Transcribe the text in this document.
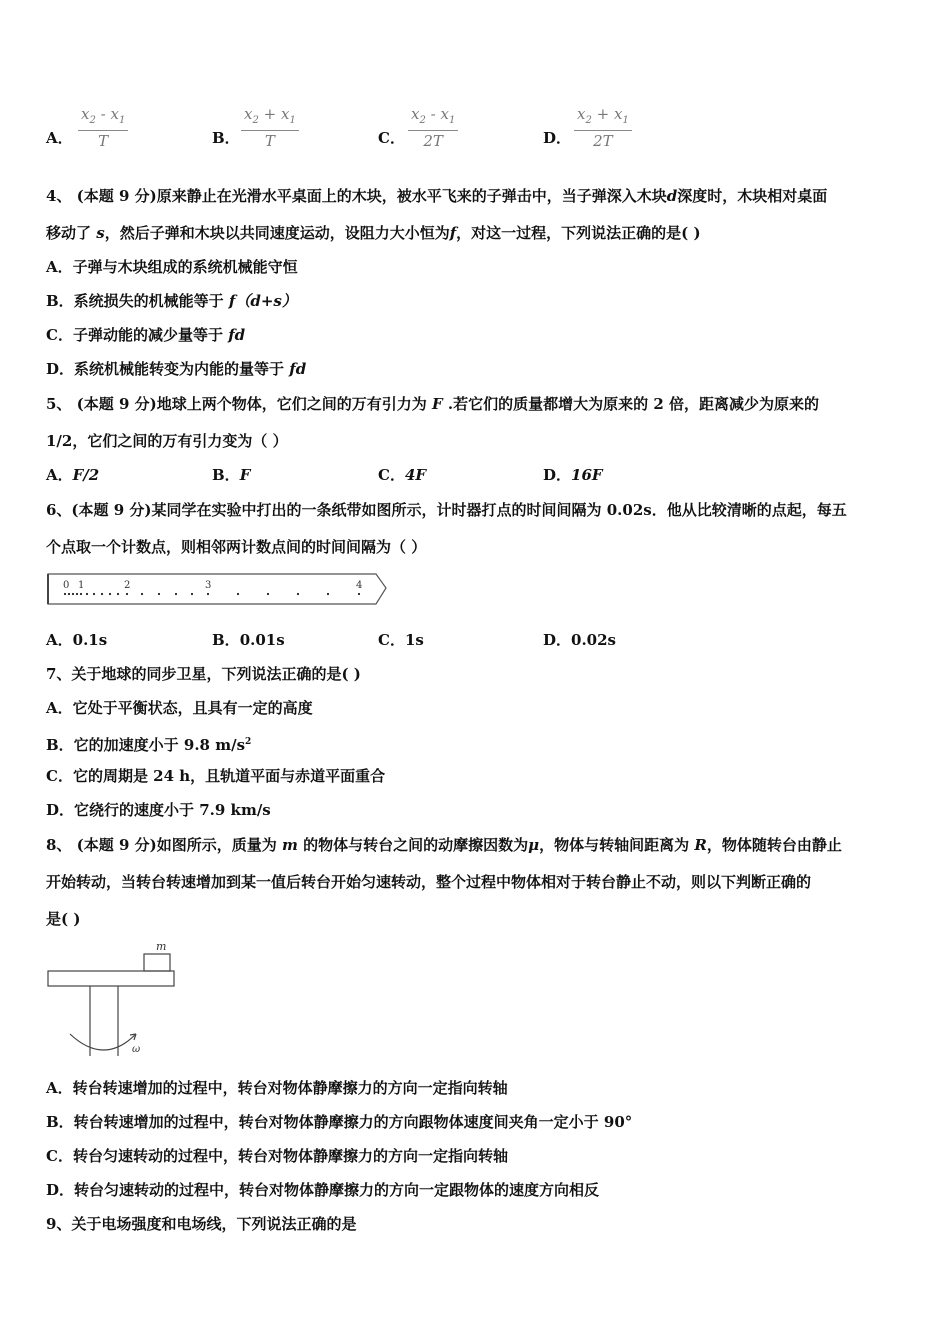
A． $\frac{x_2 - x_1}{T}$	B． $\frac{x_2 + x_1}{T}$	C． $\frac{x_2 - x_1}{2T}$	D． $\frac{x_2 + x_1}{2T}$
4、 (本题 9 分)原来静止在光滑水平桌面上的木块，被水平飞来的子弹击中，当子弹深入木块d深度时，木块相对桌面
移动了 s，然后子弹和木块以共同速度运动，设阻力大小恒为f，对这一过程，下列说法正确的是( )
A．子弹与木块组成的系统机械能守恒
B．系统损失的机械能等于 f（d+s）
C．子弹动能的减少量等于 fd
D．系统机械能转变为内能的量等于 fd
5、 (本题 9 分)地球上两个物体，它们之间的万有引力为 F .若它们的质量都增大为原来的 2 倍，距离减少为原来的
1/2，它们之间的万有引力变为（ ）
A．F/2	B．F	C．4F	D．16F
6、(本题 9 分)某同学在实验中打出的一条纸带如图所示，计时器打点的时间间隔为 0.02s．他从比较清晰的点起，每五
个点取一个计数点，则相邻两计数点间的时间间隔为（ ）
0 1	2	3	4
A．0.1s	B．0.01s	C．1s	D．0.02s
7、关于地球的同步卫星，下列说法正确的是( )
A．它处于平衡状态，且具有一定的高度
B．它的加速度小于 9.8 $m/s^2$
C．它的周期是 24 h，且轨道平面与赤道平面重合
D．它绕行的速度小于 7.9 km/s
8、 (本题 9 分)如图所示，质量为 m 的物体与转台之间的动摩擦因数为μ，物体与转轴间距离为 R，物体随转台由静止
开始转动，当转台转速增加到某一值后转台开始匀速转动，整个过程中物体相对于转台静止不动，则以下判断正确的
是( )
m
ω
A．转台转速增加的过程中，转台对物体静摩擦力的方向一定指向转轴
B．转台转速增加的过程中，转台对物体静摩擦力的方向跟物体速度间夹角一定小于 90°
C．转台匀速转动的过程中，转台对物体静摩擦力的方向一定指向转轴
D．转台匀速转动的过程中，转台对物体静摩擦力的方向一定跟物体的速度方向相反
9、关于电场强度和电场线，下列说法正确的是
